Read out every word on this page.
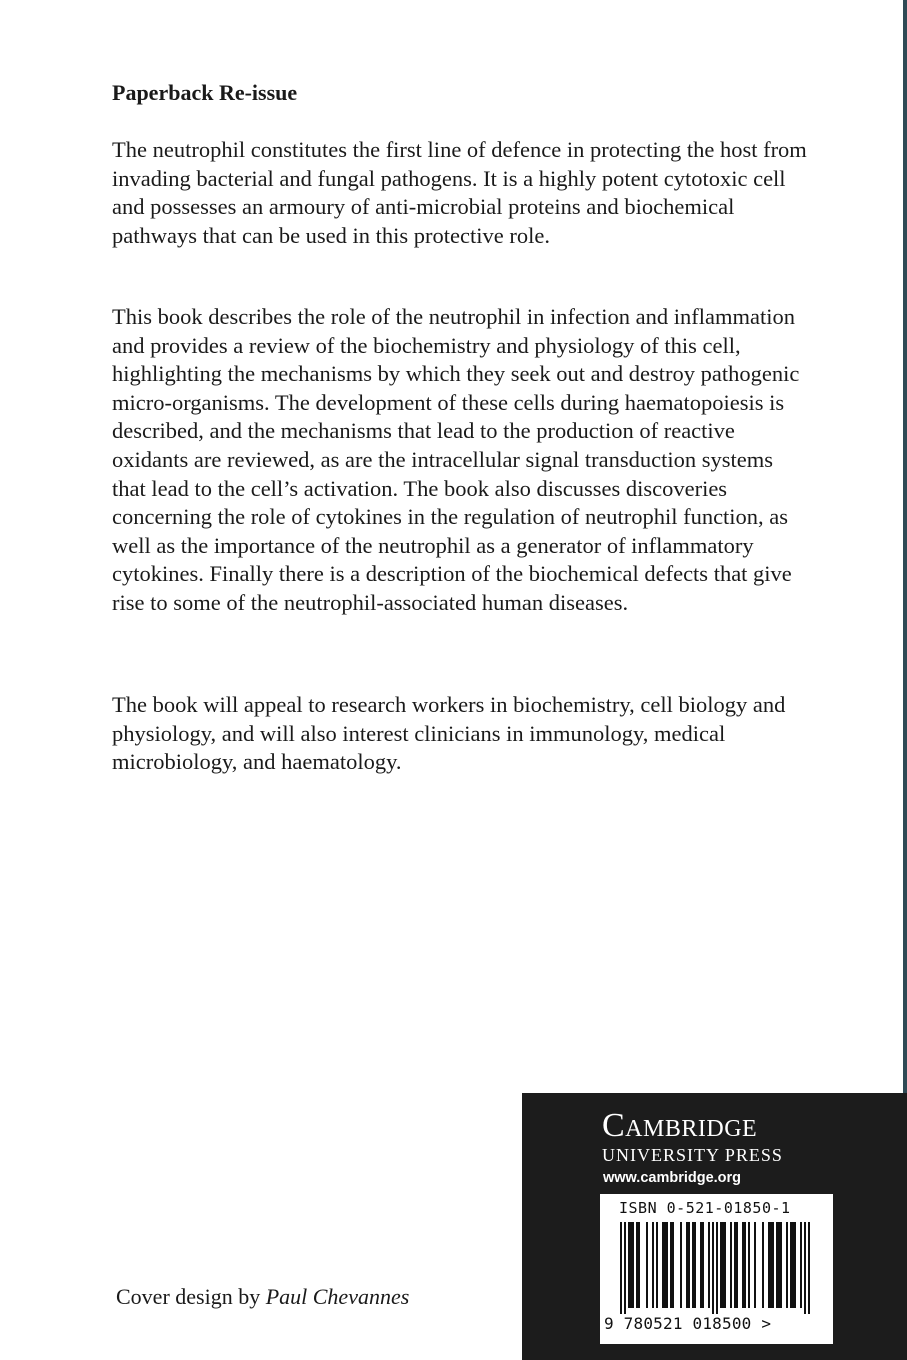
Paperback Re-issue

The neutrophil constitutes the first line of defence in protecting the host from invading bacterial and fungal pathogens. It is a highly potent cytotoxic cell and possesses an armoury of anti-microbial proteins and biochemical pathways that can be used in this protective role.

This book describes the role of the neutrophil in infection and inflammation and provides a review of the biochemistry and physiology of this cell, highlighting the mechanisms by which they seek out and destroy pathogenic micro-organisms. The development of these cells during haematopoiesis is described, and the mechanisms that lead to the production of reactive oxidants are reviewed, as are the intracellular signal transduction systems that lead to the cell’s activation. The book also discusses discoveries concerning the role of cytokines in the regulation of neutrophil function, as well as the importance of the neutrophil as a generator of inflammatory cytokines. Finally there is a description of the biochemical defects that give rise to some of the neutrophil-associated human diseases.

The book will appeal to research workers in biochemistry, cell biology and physiology, and will also interest clinicians in immunology, medical microbiology, and haematology.

Cover design by Paul Chevannes

Cambridge

UNIVERSITY PRESS

www.cambridge.org

ISBN 0-521-01850-1

9 780521 018500 >
